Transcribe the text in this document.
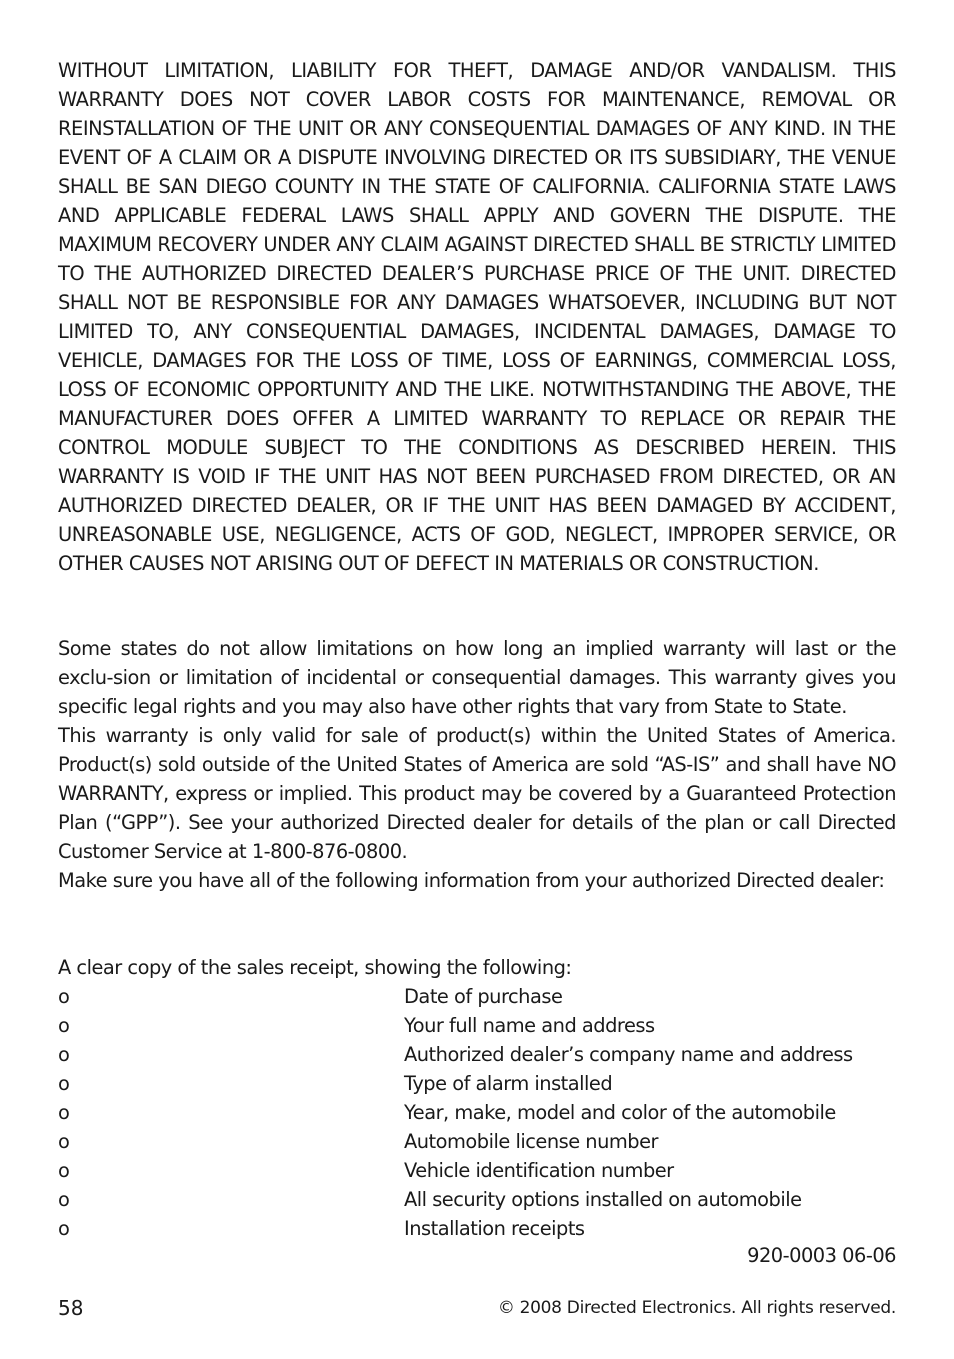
WITHOUT LIMITATION, LIABILITY FOR THEFT, DAMAGE AND/OR VANDALISM. THIS WARRANTY DOES NOT COVER LABOR COSTS FOR MAINTENANCE, REMOVAL OR REINSTALLATION OF THE UNIT OR ANY CONSEQUENTIAL DAMAGES OF ANY KIND. IN THE EVENT OF A CLAIM OR A DISPUTE INVOLVING DIRECTED OR ITS SUBSIDIARY, THE VENUE SHALL BE SAN DIEGO COUNTY IN THE STATE OF CALIFORNIA. CALIFORNIA STATE LAWS AND APPLICABLE FEDERAL LAWS SHALL APPLY AND GOVERN THE DISPUTE. THE MAXIMUM RECOVERY UNDER ANY CLAIM AGAINST DIRECTED SHALL BE STRICTLY LIMITED TO THE AUTHORIZED DIRECTED DEALER’S PURCHASE PRICE OF THE UNIT. DIRECTED SHALL NOT BE RESPONSIBLE FOR ANY DAMAGES WHATSOEVER, INCLUDING BUT NOT LIMITED TO, ANY CONSEQUENTIAL DAMAGES, INCIDENTAL DAMAGES, DAMAGE TO VEHICLE, DAMAGES FOR THE LOSS OF TIME, LOSS OF EARNINGS, COMMERCIAL LOSS, LOSS OF ECONOMIC OPPORTUNITY AND THE LIKE. NOTWITHSTANDING THE ABOVE, THE MANUFACTURER DOES OFFER A LIMITED WARRANTY TO REPLACE OR REPAIR THE CONTROL MODULE SUBJECT TO THE CONDITIONS AS DESCRIBED HEREIN. THIS WARRANTY IS VOID IF THE UNIT HAS NOT BEEN PURCHASED FROM DIRECTED, OR AN AUTHORIZED DIRECTED DEALER, OR IF THE UNIT HAS BEEN DAMAGED BY ACCIDENT, UNREASONABLE USE, NEGLIGENCE, ACTS OF GOD, NEGLECT, IMPROPER SERVICE, OR OTHER CAUSES NOT ARISING OUT OF DEFECT IN MATERIALS OR CONSTRUCTION.

Some states do not allow limitations on how long an implied warranty will last or the exclu-sion or limitation of incidental or consequential damages. This warranty gives you specific legal rights and you may also have other rights that vary from State to State.

This warranty is only valid for sale of product(s) within the United States of America. Product(s) sold outside of the United States of America are sold “AS-IS” and shall have NO WARRANTY, express or implied. This product may be covered by a Guaranteed Protection Plan (“GPP”). See your authorized Directed dealer for details of the plan or call Directed Customer Service at 1-800-876-0800.

Make sure you have all of the following information from your authorized Directed dealer:

A clear copy of the sales receipt, showing the following:

o	Date of purchase
o	Your full name and address
o	Authorized dealer’s company name and address
o	Type of alarm installed
o	Year, make, model and color of the automobile
o	Automobile license number
o	Vehicle identification number
o	All security options installed on automobile
o	Installation receipts
920-0003 06-06
58	© 2008 Directed Electronics. All rights reserved.
